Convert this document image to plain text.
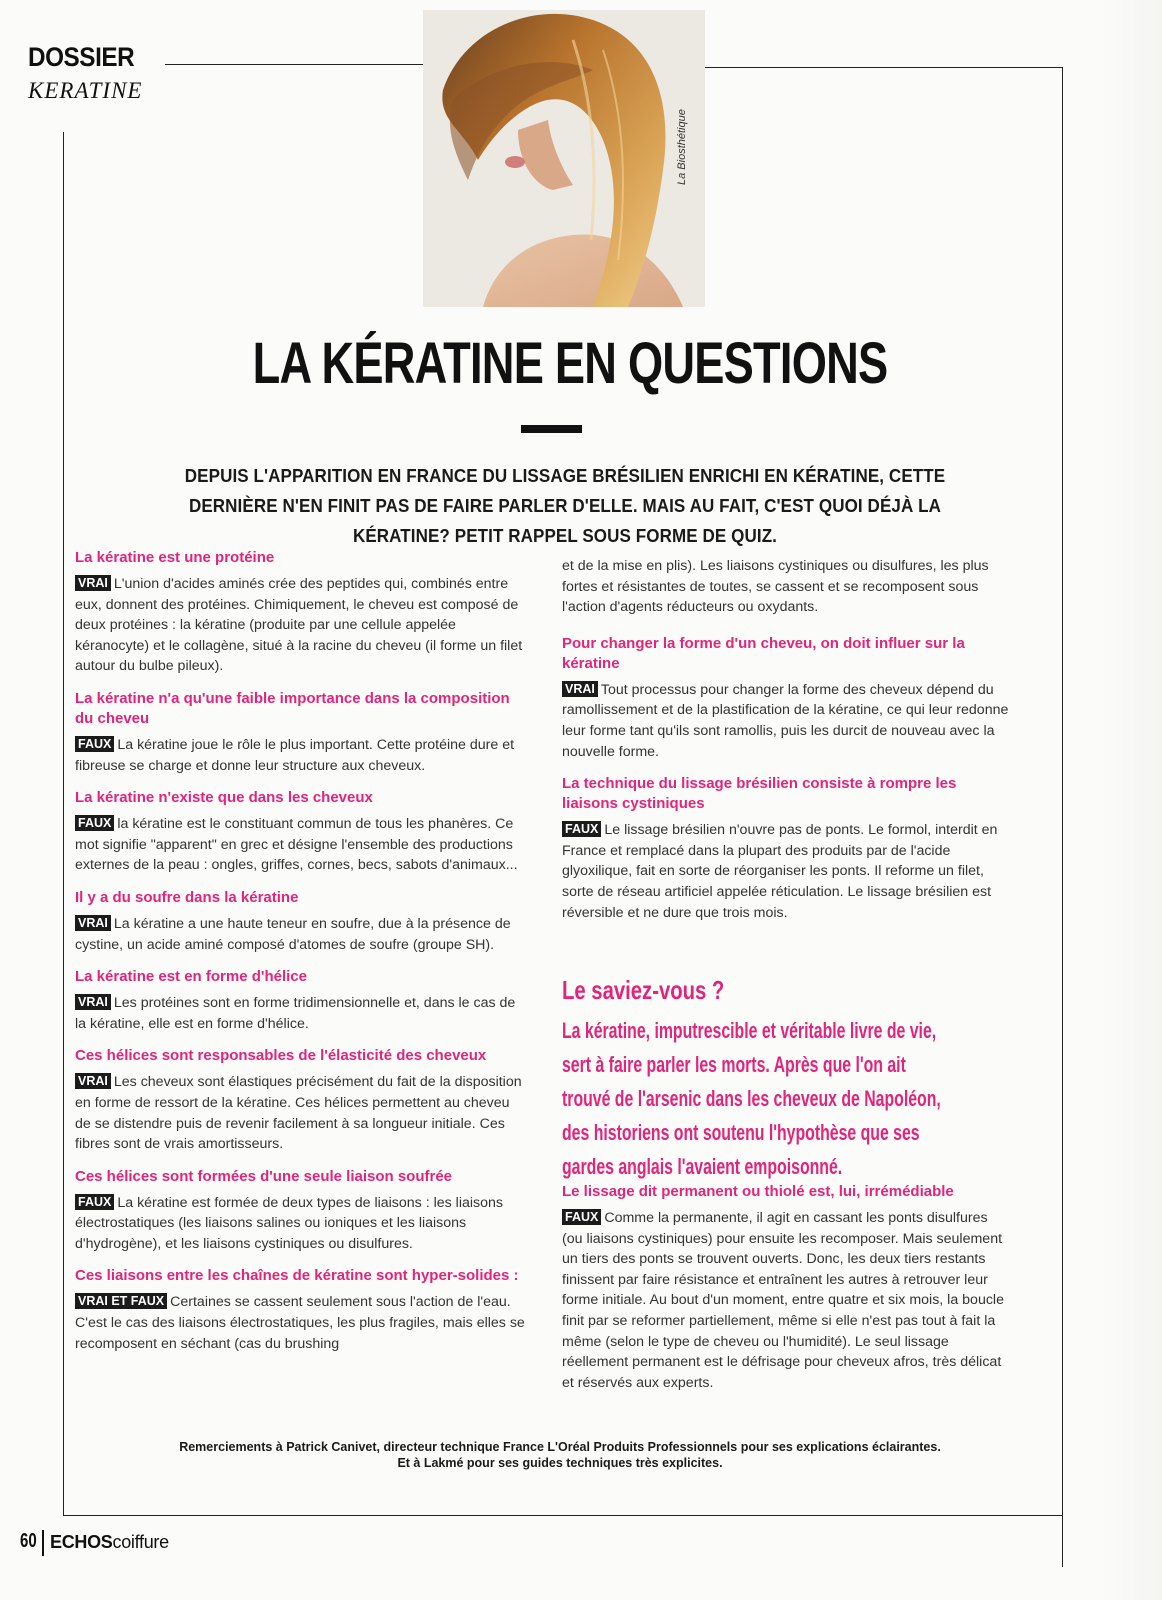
DOSSIER
KERATINE
La Biosthétique
LA KÉRATINE EN QUESTIONS
DEPUIS L'APPARITION EN FRANCE DU LISSAGE BRÉSILIEN ENRICHI EN KÉRATINE, CETTE DERNIÈRE N'EN FINIT PAS DE FAIRE PARLER D'ELLE. MAIS AU FAIT, C'EST QUOI DÉJÀ LA KÉRATINE? PETIT RAPPEL SOUS FORME DE QUIZ.

La kératine est une protéine

VRAI L'union d'acides aminés crée des peptides qui, combinés entre eux, donnent des protéines. Chimiquement, le cheveu est composé de deux protéines : la kératine (produite par une cellule appelée kéranocyte) et le collagène, situé à la racine du cheveu (il forme un filet autour du bulbe pileux).

La kératine n'a qu'une faible importance dans la composition du cheveu

FAUX La kératine joue le rôle le plus important. Cette protéine dure et fibreuse se charge et donne leur structure aux cheveux.

La kératine n'existe que dans les cheveux

FAUX la kératine est le constituant commun de tous les phanères. Ce mot signifie "apparent" en grec et désigne l'ensemble des productions externes de la peau : ongles, griffes, cornes, becs, sabots d'animaux...

Il y a du soufre dans la kératine

VRAI La kératine a une haute teneur en soufre, due à la présence de cystine, un acide aminé composé d'atomes de soufre (groupe SH).

La kératine est en forme d'hélice

VRAI Les protéines sont en forme tridimensionnelle et, dans le cas de la kératine, elle est en forme d'hélice.

Ces hélices sont responsables de l'élasticité des cheveux

VRAI Les cheveux sont élastiques précisément du fait de la disposition en forme de ressort de la kératine. Ces hélices permettent au cheveu de se distendre puis de revenir facilement à sa longueur initiale. Ces fibres sont de vrais amortisseurs.

Ces hélices sont formées d'une seule liaison soufrée

FAUX La kératine est formée de deux types de liaisons : les liaisons électrostatiques (les liaisons salines ou ioniques et les liaisons d'hydrogène), et les liaisons cystiniques ou disulfures.

Ces liaisons entre les chaînes de kératine sont hyper-solides :

VRAI ET FAUX Certaines se cassent seulement sous l'action de l'eau. C'est le cas des liaisons électrostatiques, les plus fragiles, mais elles se recomposent en séchant (cas du brushing

et de la mise en plis). Les liaisons cystiniques ou disulfures, les plus fortes et résistantes de toutes, se cassent et se recomposent sous l'action d'agents réducteurs ou oxydants.

Pour changer la forme d'un cheveu, on doit influer sur la kératine

VRAI Tout processus pour changer la forme des cheveux dépend du ramollissement et de la plastification de la kératine, ce qui leur redonne leur forme tant qu'ils sont ramollis, puis les durcit de nouveau avec la nouvelle forme.

La technique du lissage brésilien consiste à rompre les liaisons cystiniques

FAUX Le lissage brésilien n'ouvre pas de ponts. Le formol, interdit en France et remplacé dans la plupart des produits par de l'acide glyoxilique, fait en sorte de réorganiser les ponts. Il reforme un filet, sorte de réseau artificiel appelée réticulation. Le lissage brésilien est réversible et ne dure que trois mois.

Le saviez-vous ?
La kératine, imputrescible et véritable livre de vie, sert à faire parler les morts. Après que l'on ait trouvé de l'arsenic dans les cheveux de Napoléon, des historiens ont soutenu l'hypothèse que ses gardes anglais l'avaient empoisonné.

Le lissage dit permanent ou thiolé est, lui, irrémédiable

FAUX Comme la permanente, il agit en cassant les ponts disulfures (ou liaisons cystiniques) pour ensuite les recomposer. Mais seulement un tiers des ponts se trouvent ouverts. Donc, les deux tiers restants finissent par faire résistance et entraînent les autres à retrouver leur forme initiale. Au bout d'un moment, entre quatre et six mois, la boucle finit par se reformer partiellement, même si elle n'est pas tout à fait la même (selon le type de cheveu ou l'humidité). Le seul lissage réellement permanent est le défrisage pour cheveux afros, très délicat et réservés aux experts.

Remerciements à Patrick Canivet, directeur technique France L'Oréal Produits Professionnels pour ses explications éclairantes.
Et à Lakmé pour ses guides techniques très explicites.
60 ECHOScoiffure
